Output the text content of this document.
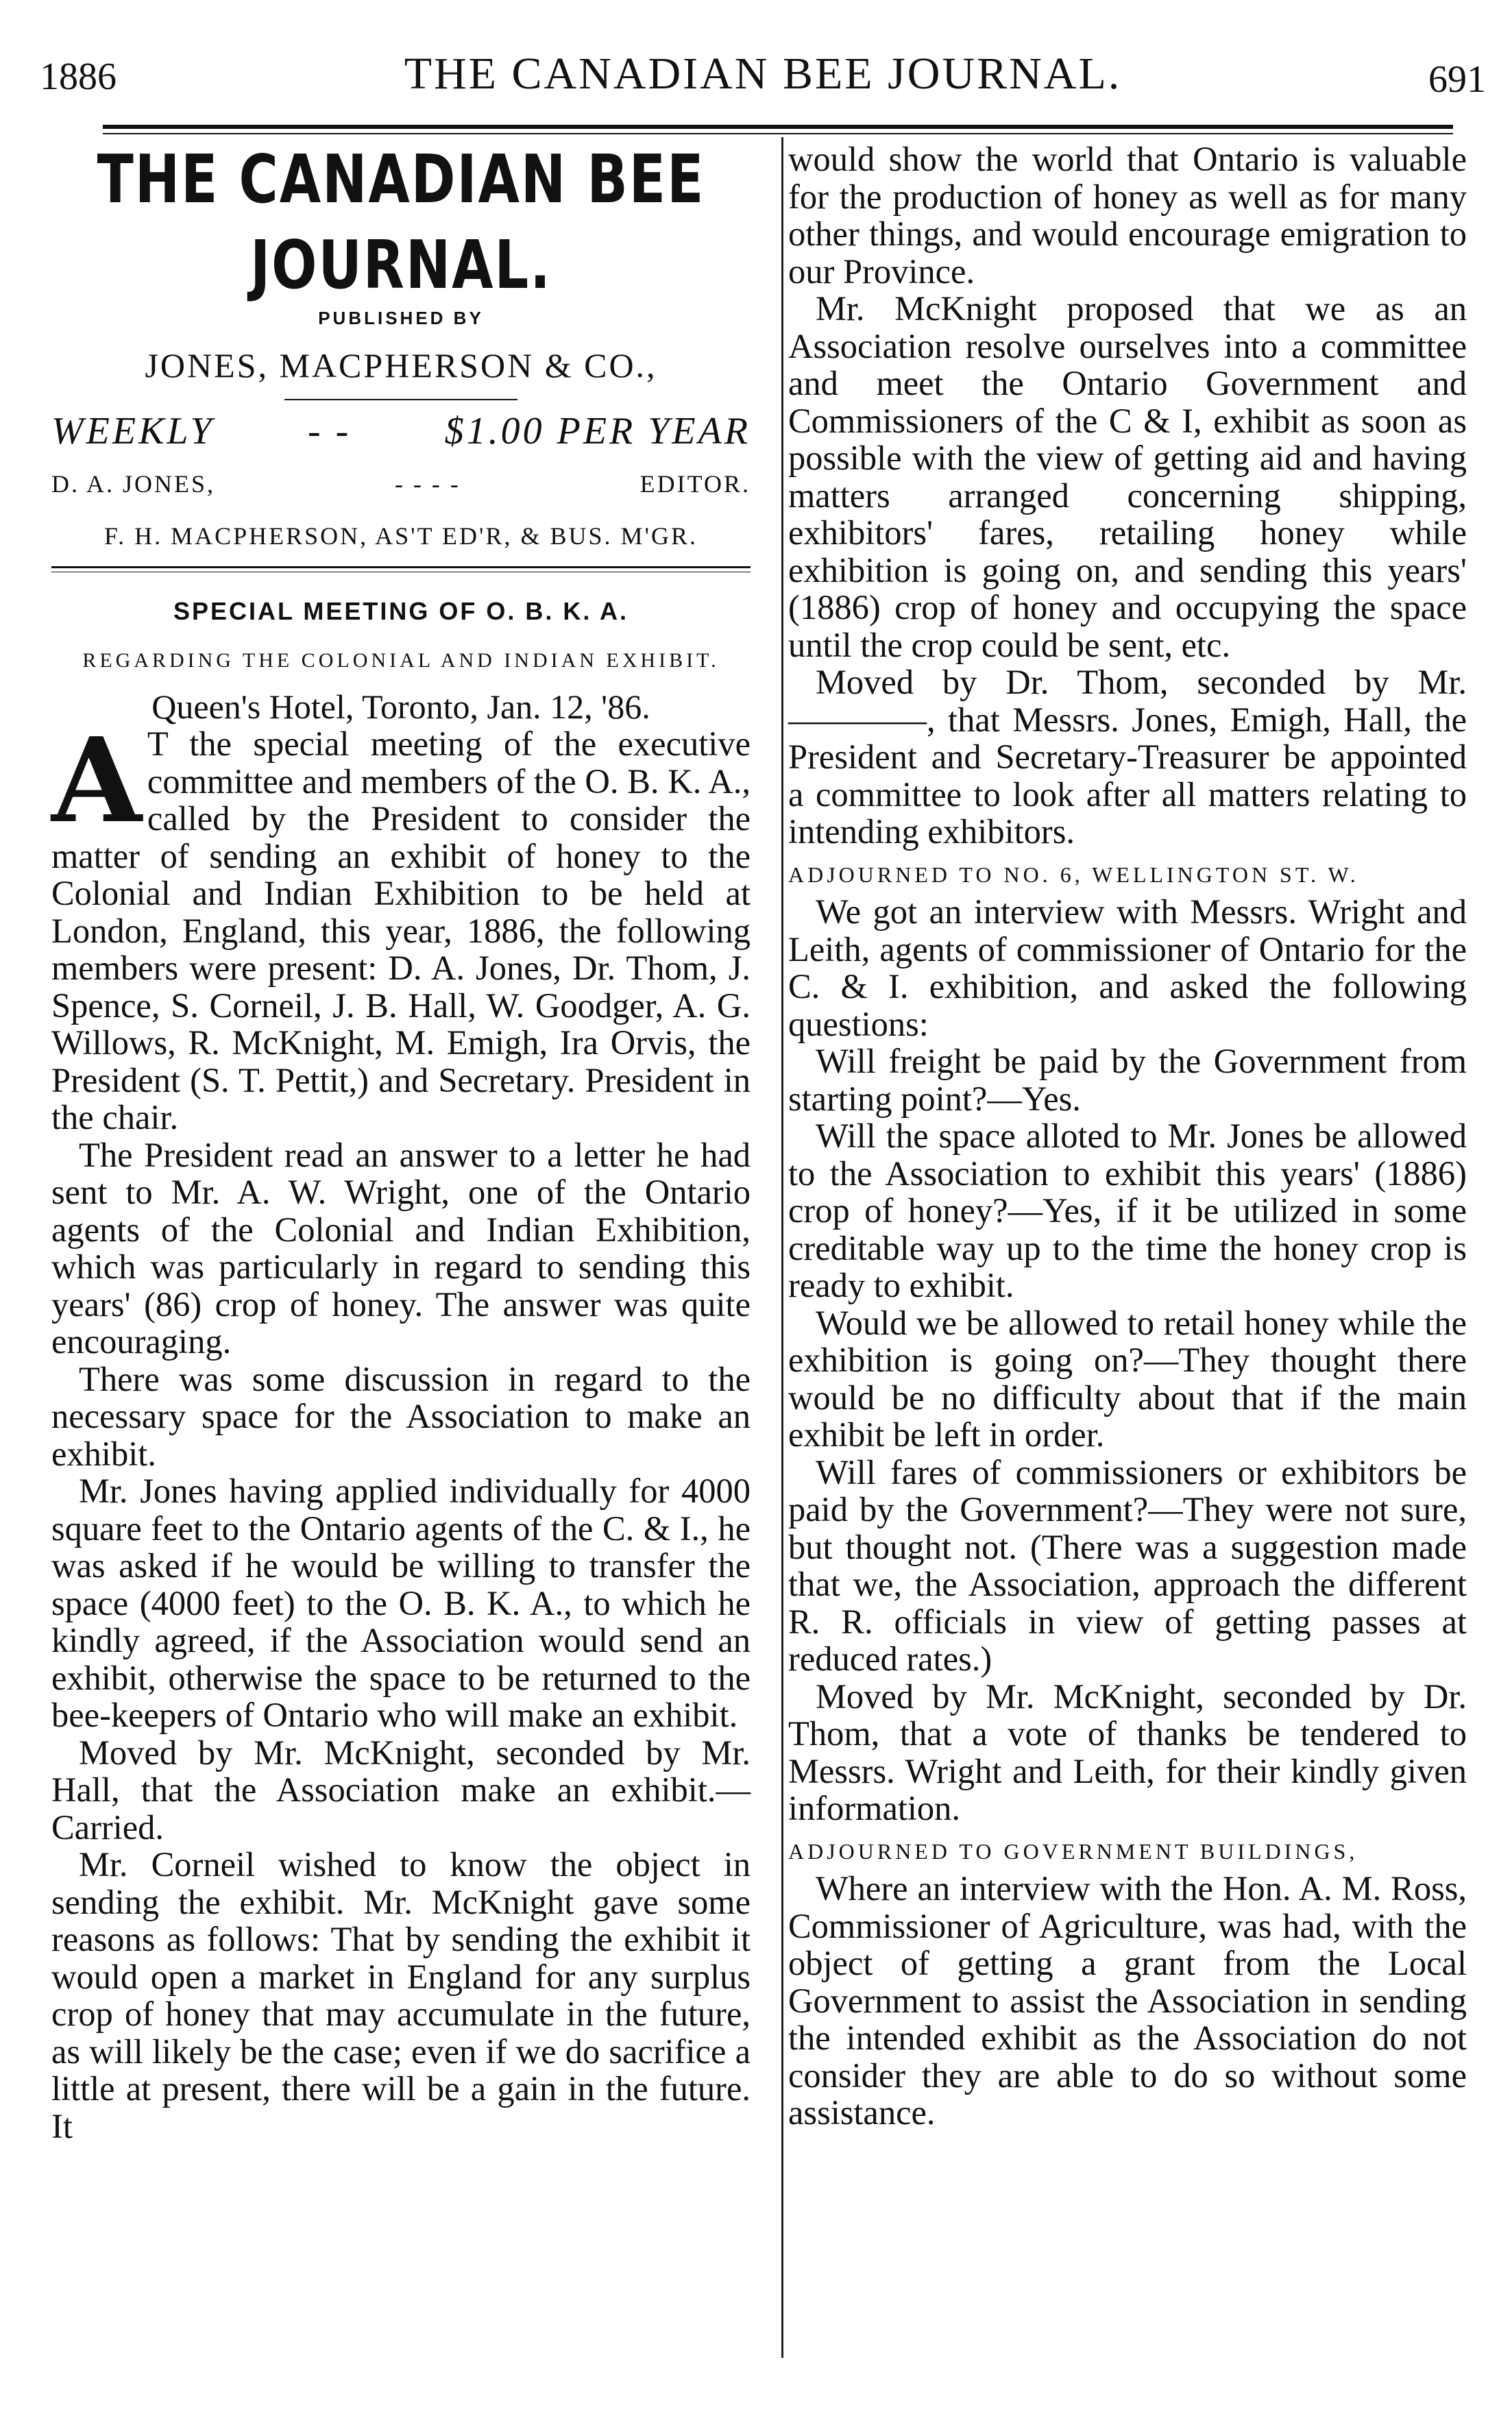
1886	THE CANADIAN BEE JOURNAL.	691
THE CANADIAN BEE JOURNAL.
PUBLISHED BY
JONES, MACPHERSON & CO.,
WEEKLY - - $1.00 PER YEAR
D. A. JONES,	- - - -	EDITOR.
F. H. MACPHERSON, AS'T ED'R, & BUS. M'GR.
SPECIAL MEETING OF O. B. K. A.
REGARDING THE COLONIAL AND INDIAN EXHIBIT.
Queen's Hotel, Toronto, Jan. 12, '86.

A T the special meeting of the executive committee and members of the O. B. K. A., called by the President to consider the matter of sending an exhibit of honey to the Colonial and Indian Exhibition to be held at London, England, this year, 1886, the following members were present: D. A. Jones, Dr. Thom, J. Spence, S. Corneil, J. B. Hall, W. Goodger, A. G. Willows, R. McKnight, M. Emigh, Ira Orvis, the President (S. T. Pettit,) and Secretary. President in the chair.

The President read an answer to a letter he had sent to Mr. A. W. Wright, one of the Ontario agents of the Colonial and Indian Exhibition, which was particularly in regard to sending this years' (86) crop of honey. The answer was quite encouraging.

There was some discussion in regard to the necessary space for the Association to make an exhibit.

Mr. Jones having applied individually for 4000 square feet to the Ontario agents of the C. & I., he was asked if he would be willing to transfer the space (4000 feet) to the O. B. K. A., to which he kindly agreed, if the Association would send an exhibit, otherwise the space to be returned to the bee-keepers of Ontario who will make an exhibit.

Moved by Mr. McKnight, seconded by Mr. Hall, that the Association make an exhibit.—Carried.

Mr. Corneil wished to know the object in sending the exhibit. Mr. McKnight gave some reasons as follows: That by sending the exhibit it would open a market in England for any surplus crop of honey that may accumulate in the future, as will likely be the case; even if we do sacrifice a little at present, there will be a gain in the future. It

would show the world that Ontario is valuable for the production of honey as well as for many other things, and would encourage emigration to our Province.

Mr. McKnight proposed that we as an Association resolve ourselves into a committee and meet the Ontario Government and Commissioners of the C & I, exhibit as soon as possible with the view of getting aid and having matters arranged concerning shipping, exhibitors' fares, retailing honey while exhibition is going on, and sending this years' (1886) crop of honey and occupying the space until the crop could be sent, etc.

Moved by Dr. Thom, seconded by Mr.————, that Messrs. Jones, Emigh, Hall, the President and Secretary-Treasurer be appointed a committee to look after all matters relating to intending exhibitors.

ADJOURNED TO NO. 6, WELLINGTON ST. W.

We got an interview with Messrs. Wright and Leith, agents of commissioner of Ontario for the C. & I. exhibition, and asked the following questions:

Will freight be paid by the Government from starting point?—Yes.

Will the space alloted to Mr. Jones be allowed to the Association to exhibit this years' (1886) crop of honey?—Yes, if it be utilized in some creditable way up to the time the honey crop is ready to exhibit.

Would we be allowed to retail honey while the exhibition is going on?—They thought there would be no difficulty about that if the main exhibit be left in order.

Will fares of commissioners or exhibitors be paid by the Government?—They were not sure, but thought not. (There was a suggestion made that we, the Association, approach the different R. R. officials in view of getting passes at reduced rates.)

Moved by Mr. McKnight, seconded by Dr. Thom, that a vote of thanks be tendered to Messrs. Wright and Leith, for their kindly given information.

ADJOURNED TO GOVERNMENT BUILDINGS,

Where an interview with the Hon. A. M. Ross, Commissioner of Agriculture, was had, with the object of getting a grant from the Local Government to assist the Association in sending the intended exhibit as the Association do not consider they are able to do so without some assistance.
